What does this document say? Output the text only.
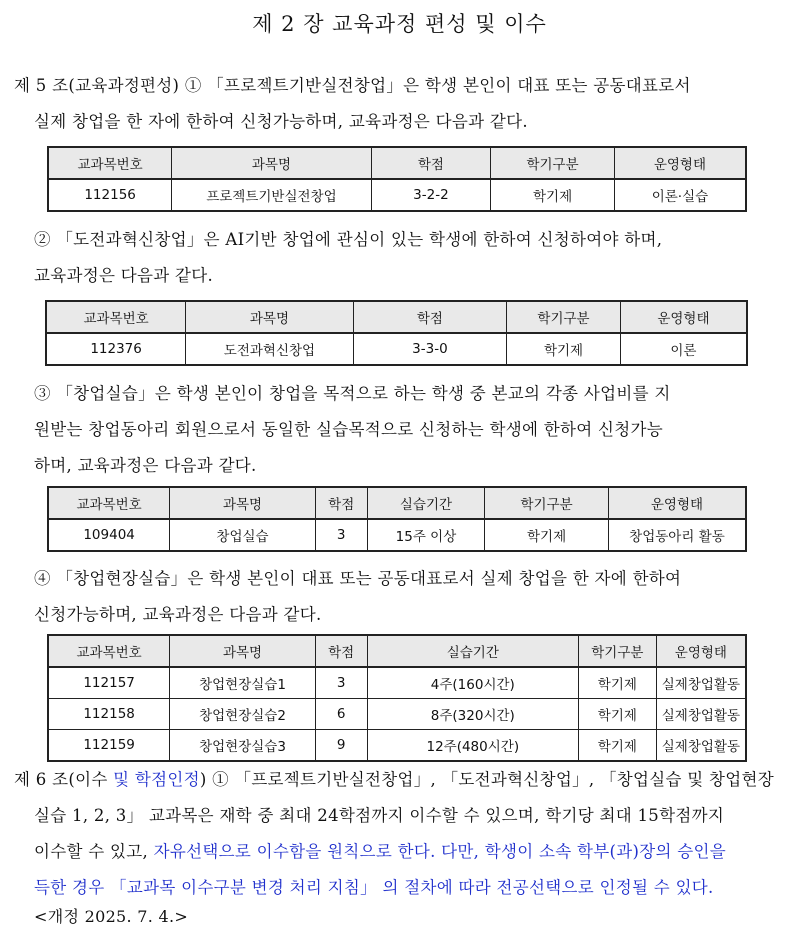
제 2 장 교육과정 편성 및 이수
제 5 조(교육과정편성) ① 「프로젝트기반실전창업」은 학생 본인이 대표 또는 공동대표로서
실제 창업을 한 자에 한하여 신청가능하며, 교육과정은 다음과 같다.
교과목번호	과목명	학점	학기구분	운영형태
112156	프로젝트기반실전창업	3-2-2	학기제	이론·실습
② 「도전과혁신창업」은 AI기반 창업에 관심이 있는 학생에 한하여 신청하여야 하며,
교육과정은 다음과 같다.
교과목번호	과목명	학점	학기구분	운영형태
112376	도전과혁신창업	3-3-0	학기제	이론
③ 「창업실습」은 학생 본인이 창업을 목적으로 하는 학생 중 본교의 각종 사업비를 지
원받는 창업동아리 회원으로서 동일한 실습목적으로 신청하는 학생에 한하여 신청가능
하며, 교육과정은 다음과 같다.
교과목번호	과목명	학점	실습기간	학기구분	운영형태
109404	창업실습	3	15주 이상	학기제	창업동아리 활동
④ 「창업현장실습」은 학생 본인이 대표 또는 공동대표로서 실제 창업을 한 자에 한하여
신청가능하며, 교육과정은 다음과 같다.
교과목번호	과목명	학점	실습기간	학기구분	운영형태
112157	창업현장실습1	3	4주(160시간)	학기제	실제창업활동
112158	창업현장실습2	6	8주(320시간)	학기제	실제창업활동
112159	창업현장실습3	9	12주(480시간)	학기제	실제창업활동
제 6 조(이수 및 학점인정) ① 「프로젝트기반실전창업」, 「도전과혁신창업」, 「창업실습 및 창업현장
실습 1, 2, 3」 교과목은 재학 중 최대 24학점까지 이수할 수 있으며, 학기당 최대 15학점까지
이수할 수 있고, 자유선택으로 이수함을 원칙으로 한다. 다만, 학생이 소속 학부(과)장의 승인을
득한 경우 「교과목 이수구분 변경 처리 지침」 의 절차에 따라 전공선택으로 인정될 수 있다.
<개정 2025. 7. 4.>
